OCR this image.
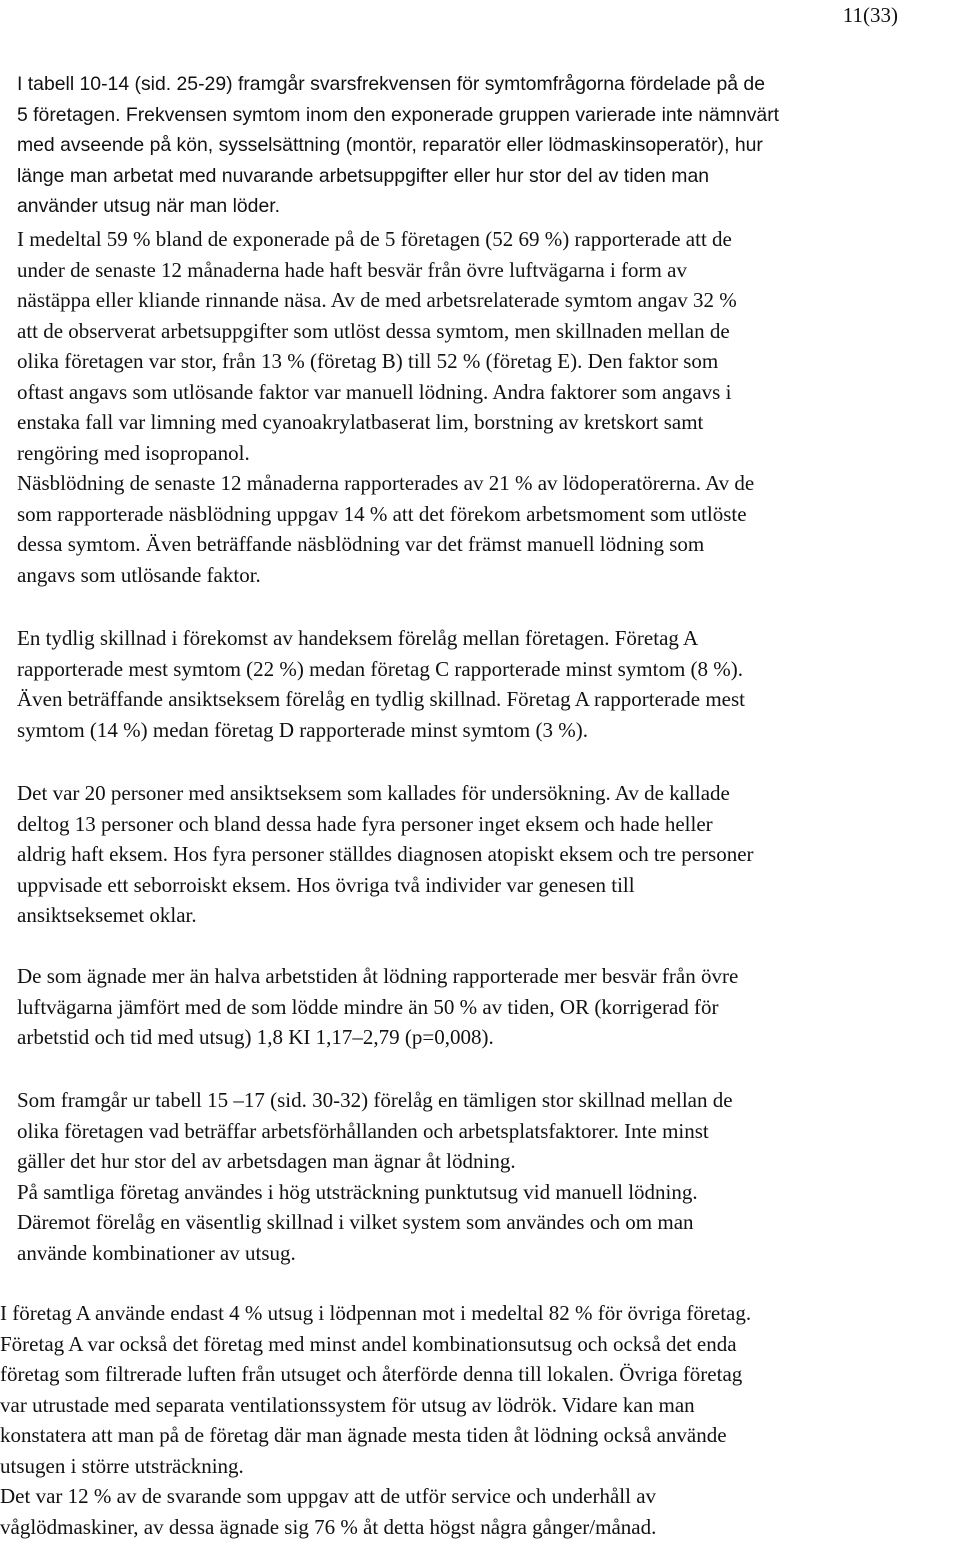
11(33)

I tabell 10-14 (sid. 25-29) framgår svarsfrekvensen för symtomfrågorna fördelade på de
5 företagen. Frekvensen symtom inom den exponerade gruppen varierade inte nämnvärt
med avseende på kön, sysselsättning (montör, reparatör eller lödmaskinsoperatör), hur
länge man arbetat med nuvarande arbetsuppgifter eller hur stor del av tiden man
använder utsug när man löder.

I medeltal 59 % bland de exponerade på de 5 företagen (52 69 %) rapporterade att de
under de senaste 12 månaderna hade haft besvär från övre luftvägarna i form av
nästäppa eller kliande rinnande näsa. Av de med arbetsrelaterade symtom angav 32 %
att de observerat arbetsuppgifter som utlöst dessa symtom, men skillnaden mellan de
olika företagen var stor, från 13 % (företag B) till 52 % (företag E). Den faktor som
oftast angavs som utlösande faktor var manuell lödning. Andra faktorer som angavs i
enstaka fall var limning med cyanoakrylatbaserat lim, borstning av kretskort samt
rengöring med isopropanol.
Näsblödning de senaste 12 månaderna rapporterades av 21 % av lödoperatörerna. Av de
som rapporterade näsblödning uppgav 14 % att det förekom arbetsmoment som utlöste
dessa symtom. Även beträffande näsblödning var det främst manuell lödning som
angavs som utlösande faktor.

En tydlig skillnad i förekomst av handeksem förelåg mellan företagen. Företag A
rapporterade mest symtom (22 %) medan företag C rapporterade minst symtom (8 %).
Även beträffande ansiktseksem förelåg en tydlig skillnad. Företag A rapporterade mest
symtom (14 %) medan företag D rapporterade minst symtom (3 %).

Det var 20 personer med ansiktseksem som kallades för undersökning. Av de kallade
deltog 13 personer och bland dessa hade fyra personer inget eksem och hade heller
aldrig haft eksem. Hos fyra personer ställdes diagnosen atopiskt eksem och tre personer
uppvisade ett seborroiskt eksem. Hos övriga två individer var genesen till
ansiktseksemet oklar.

De som ägnade mer än halva arbetstiden åt lödning rapporterade mer besvär från övre
luftvägarna jämfört med de som lödde mindre än 50 % av tiden, OR (korrigerad för
arbetstid och tid med utsug) 1,8 KI 1,17–2,79 (p=0,008).

Som framgår ur tabell 15 –17 (sid. 30-32) förelåg en tämligen stor skillnad mellan de
olika företagen vad beträffar arbetsförhållanden och arbetsplatsfaktorer. Inte minst
gäller det hur stor del av arbetsdagen man ägnar åt lödning.
På samtliga företag användes i hög utsträckning punktutsug vid manuell lödning.
Däremot förelåg en väsentlig skillnad i vilket system som användes och om man
använde kombinationer av utsug.

I företag A använde endast 4 % utsug i lödpennan mot i medeltal 82 % för övriga företag.
Företag A var också det företag med minst andel kombinationsutsug och också det enda
företag som filtrerade luften från utsuget och återförde denna till lokalen. Övriga företag
var utrustade med separata ventilationssystem för utsug av lödrök. Vidare kan man
konstatera att man på de företag där man ägnade mesta tiden åt lödning också använde
utsugen i större utsträckning.
Det var 12 % av de svarande som uppgav att de utför service och underhåll av
våglödmaskiner, av dessa ägnade sig 76 % åt detta högst några gånger/månad.
